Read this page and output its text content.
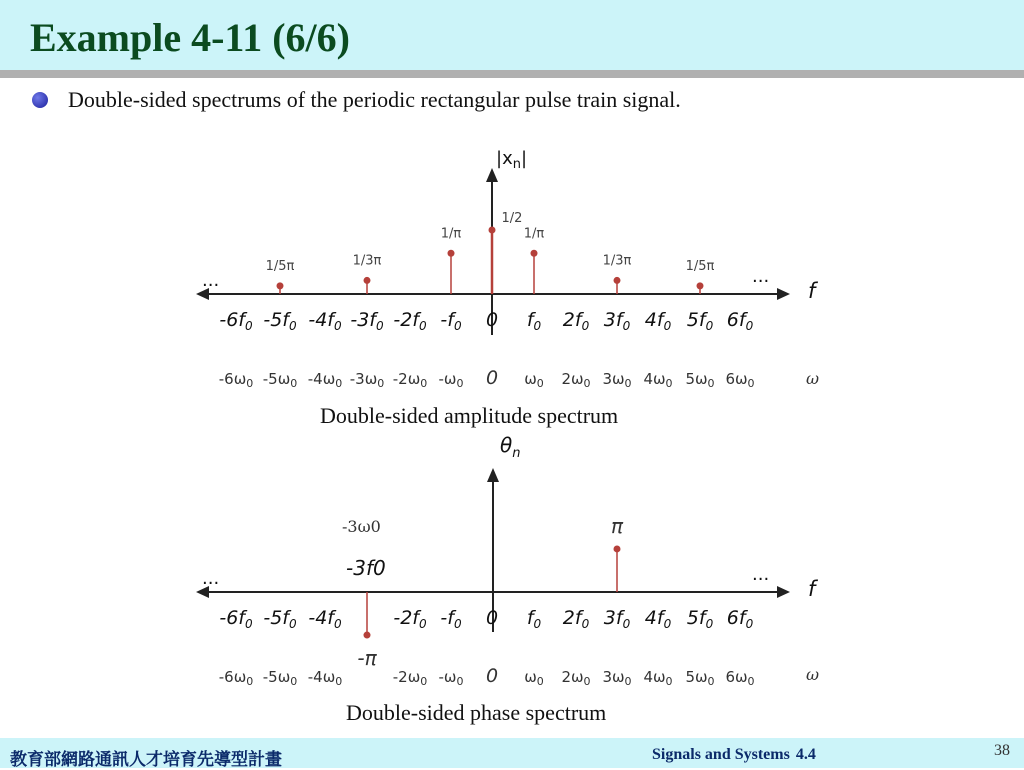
Example 4-11 (6/6)
Double-sided spectrums of the periodic rectangular pulse train signal.
$|x_n|$
f
...	...
1/5π	1/3π
1/π
1/2
1/π
1/3π	1/5π
$-6f_0$ $-5f_0$ $-4f_0$ $-3f_0$ $-2f_0$ $-f_0$ 0 $f_0$ $2f_0$ $3f_0$ $4f_0$ $5f_0$ $6f_0$
$-6\omega_0$ $-5\omega_0$ $-4\omega_0$ $-3\omega_0$ $-2\omega_0$ $-\omega_0$ 0 $\omega_0$ $2\omega_0$ $3\omega_0$ $4\omega_0$ $5\omega_0$ $6\omega_0$	ω
$\theta_n$
f
...	...
-3ω0
-3f0
-π
π
$-6f_0$ $-5f_0$ $-4f_0$	$-2f_0$ $-f_0$ 0 $f_0$ $2f_0$ $3f_0$ $4f_0$ $5f_0$ $6f_0$
$-6\omega_0$ $-5\omega_0$ $-4\omega_0$	$-2\omega_0$ $-\omega_0$ 0 $\omega_0$ $2\omega_0$ $3\omega_0$ $4\omega_0$ $5\omega_0$ $6\omega_0$	ω
Double-sided amplitude spectrum
Double-sided phase spectrum
教育部網路通訊人才培育先導型計畫	Signals and Systems 4.4	38
